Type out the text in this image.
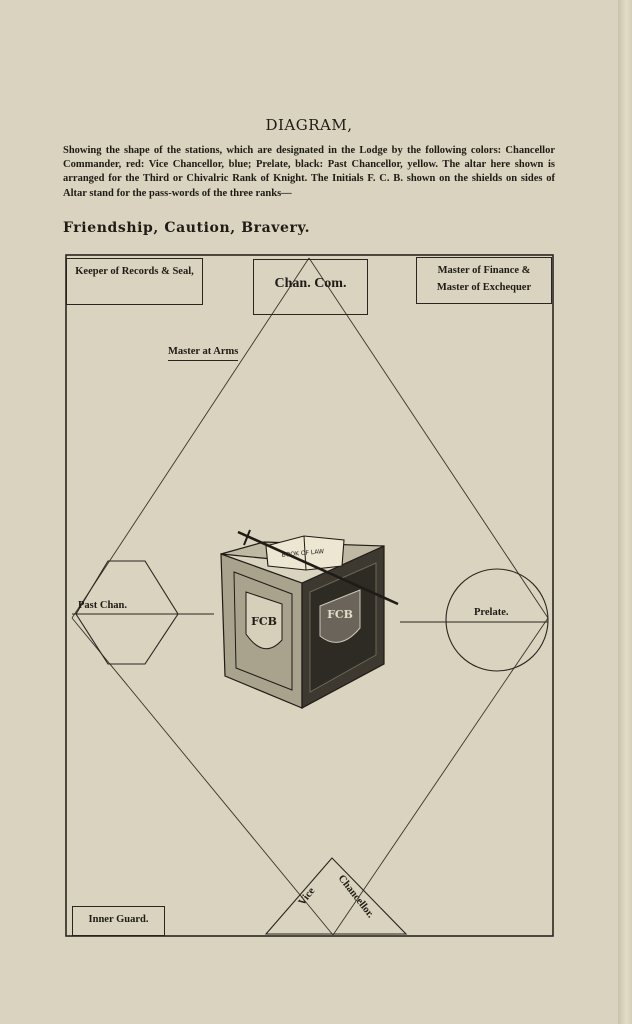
DIAGRAM,
Showing the shape of the stations, which are designated in the Lodge by the following colors: Chancellor Commander, red: Vice Chancellor, blue; Prelate, black: Past Chancellor, yellow. The altar here shown is arranged for the Third or Chivalric Rank of Knight. The Initials F. C. B. shown on the shields on sides of Altar stand for the pass-words of the three ranks—
Friendship, Caution, Bravery.
BOOK OF LAW
FCB
FCB
Vice Chancellor.
Keeper of Records & Seal,
Chan. Com.
Master of Finance & Master of Exchequer
Master at Arms
Past Chan.
Prelate.
Inner Guard.
